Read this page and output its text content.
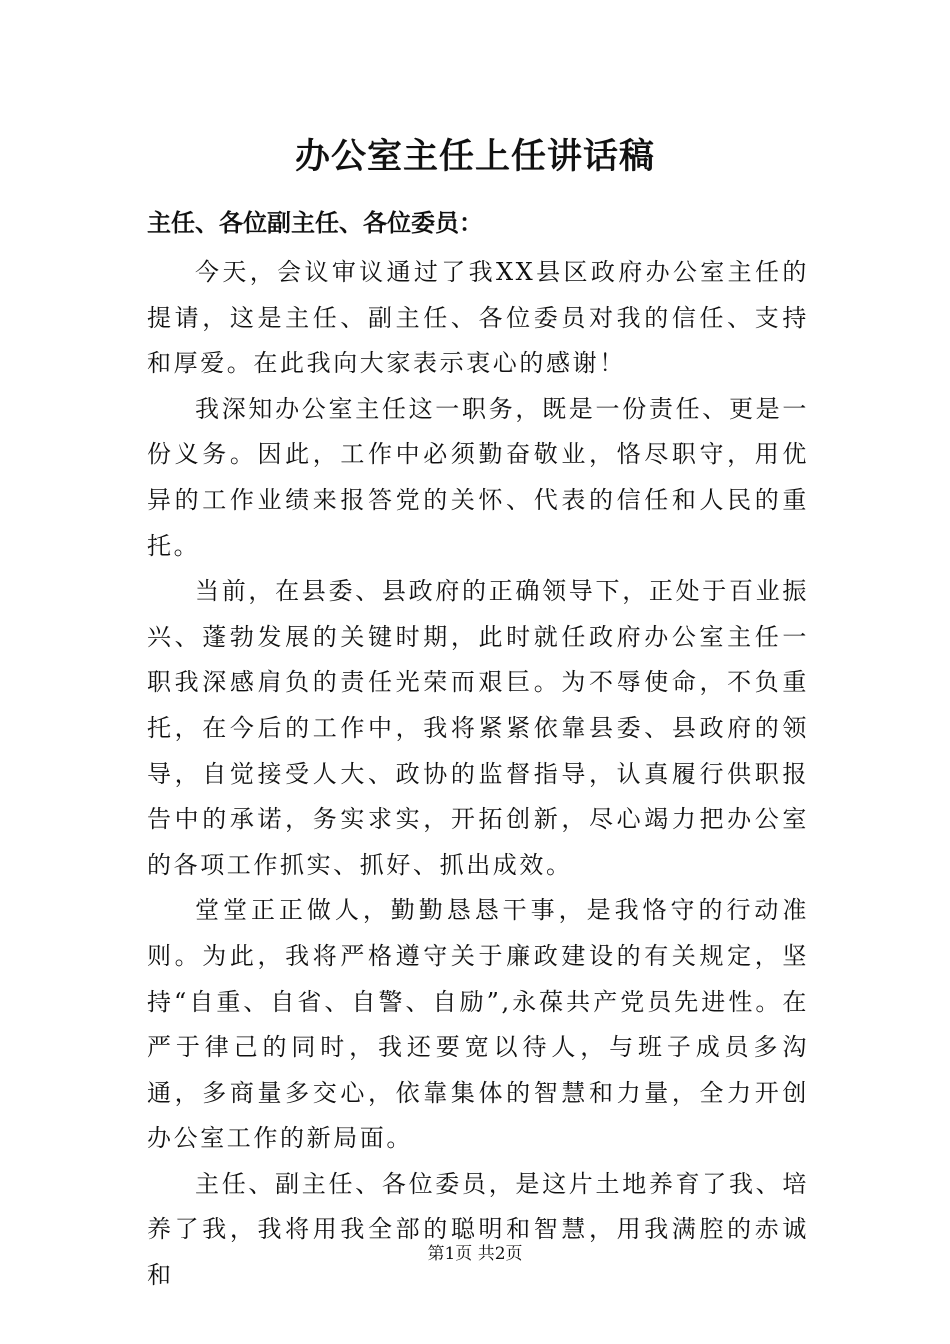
办公室主任上任讲话稿

主任、各位副主任、各位委员：

今天，会议审议通过了我XX县区政府办公室主任的提请，这是主任、副主任、各位委员对我的信任、支持和厚爱。在此我向大家表示衷心的感谢！

我深知办公室主任这一职务，既是一份责任、更是一份义务。因此，工作中必须勤奋敬业，恪尽职守，用优异的工作业绩来报答党的关怀、代表的信任和人民的重托。

当前，在县委、县政府的正确领导下，正处于百业振兴、蓬勃发展的关键时期，此时就任政府办公室主任一职我深感肩负的责任光荣而艰巨。为不辱使命，不负重托，在今后的工作中，我将紧紧依靠县委、县政府的领导，自觉接受人大、政协的监督指导，认真履行供职报告中的承诺，务实求实，开拓创新，尽心竭力把办公室的各项工作抓实、抓好、抓出成效。

堂堂正正做人，勤勤恳恳干事，是我恪守的行动准则。为此，我将严格遵守关于廉政建设的有关规定，坚持“自重、自省、自警、自励”,永葆共产党员先进性。在严于律己的同时，我还要宽以待人，与班子成员多沟通，多商量多交心，依靠集体的智慧和力量，全力开创办公室工作的新局面。

主任、副主任、各位委员，是这片土地养育了我、培养了我，我将用我全部的聪明和智慧，用我满腔的赤诚和

第1页 共2页
